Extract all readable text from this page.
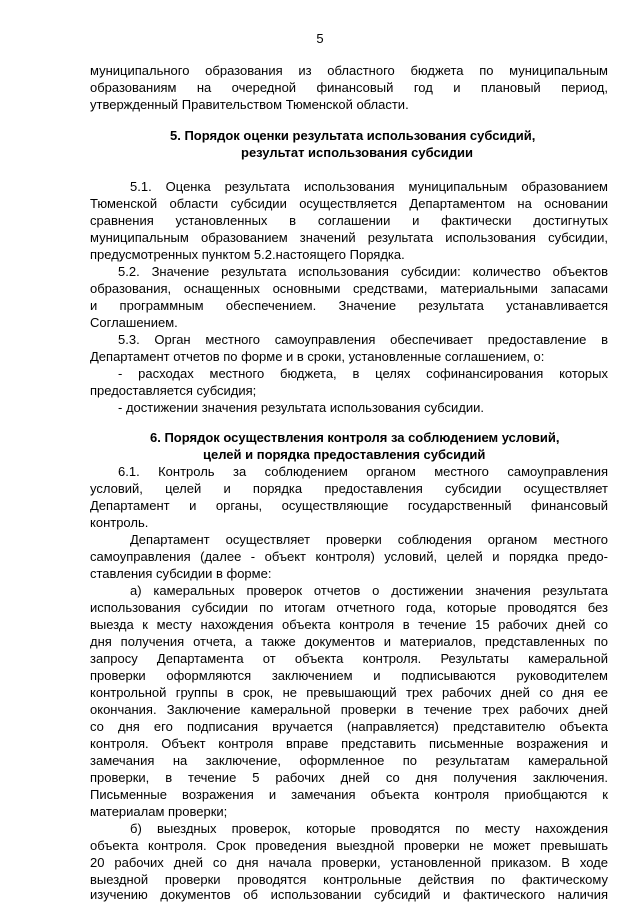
5

муниципального образования из областного бюджета по муниципальным

образованиям на очередной финансовый год и плановый период,

утвержденный Правительством Тюменской области.

5. Порядок оценки результата использования субсидий,

результат использования субсидии

5.1. Оценка результата использования муниципальным образованием

Тюменской области субсидии осуществляется Департаментом на основании

сравнения установленных в соглашении и фактически достигнутых

муниципальным образованием значений результата использования субсидии,

предусмотренных пунктом 5.2.настоящего Порядка.

5.2. Значение результата использования субсидии: количество объектов

образования, оснащенных основными средствами, материальными запасами

и программным обеспечением. Значение результата устанавливается

Соглашением.

5.3. Орган местного самоуправления обеспечивает предоставление в

Департамент отчетов по форме и в сроки, установленные соглашением, о:

- расходах местного бюджета, в целях софинансирования которых

предоставляется субсидия;

- достижении значения результата использования субсидии.

6. Порядок осуществления контроля за соблюдением условий,

целей и порядка предоставления субсидий

6.1. Контроль за соблюдением органом местного самоуправления

условий, целей и порядка предоставления субсидии осуществляет

Департамент и органы, осуществляющие государственный финансовый

контроль.

Департамент осуществляет проверки соблюдения органом местного

самоуправления (далее - объект контроля) условий, целей и порядка предо-

ставления субсидии в форме:

а) камеральных проверок отчетов о достижении значения результата

использования субсидии по итогам отчетного года, которые проводятся без

выезда к месту нахождения объекта контроля в течение 15 рабочих дней со

дня получения отчета, а также документов и материалов, представленных по

запросу Департамента от объекта контроля. Результаты камеральной

проверки оформляются заключением и подписываются руководителем

контрольной группы в срок, не превышающий трех рабочих дней со дня ее

окончания. Заключение камеральной проверки в течение трех рабочих дней

со дня его подписания вручается (направляется) представителю объекта

контроля. Объект контроля вправе представить письменные возражения и

замечания на заключение, оформленное по результатам камеральной

проверки, в течение 5 рабочих дней со дня получения заключения.

Письменные возражения и замечания объекта контроля приобщаются к

материалам проверки;

б) выездных проверок, которые проводятся по месту нахождения

объекта контроля. Срок проведения выездной проверки не может превышать

20 рабочих дней со дня начала проверки, установленной приказом. В ходе

выездной проверки проводятся контрольные действия по фактическому

изучению документов об использовании субсидий и фактического наличия
